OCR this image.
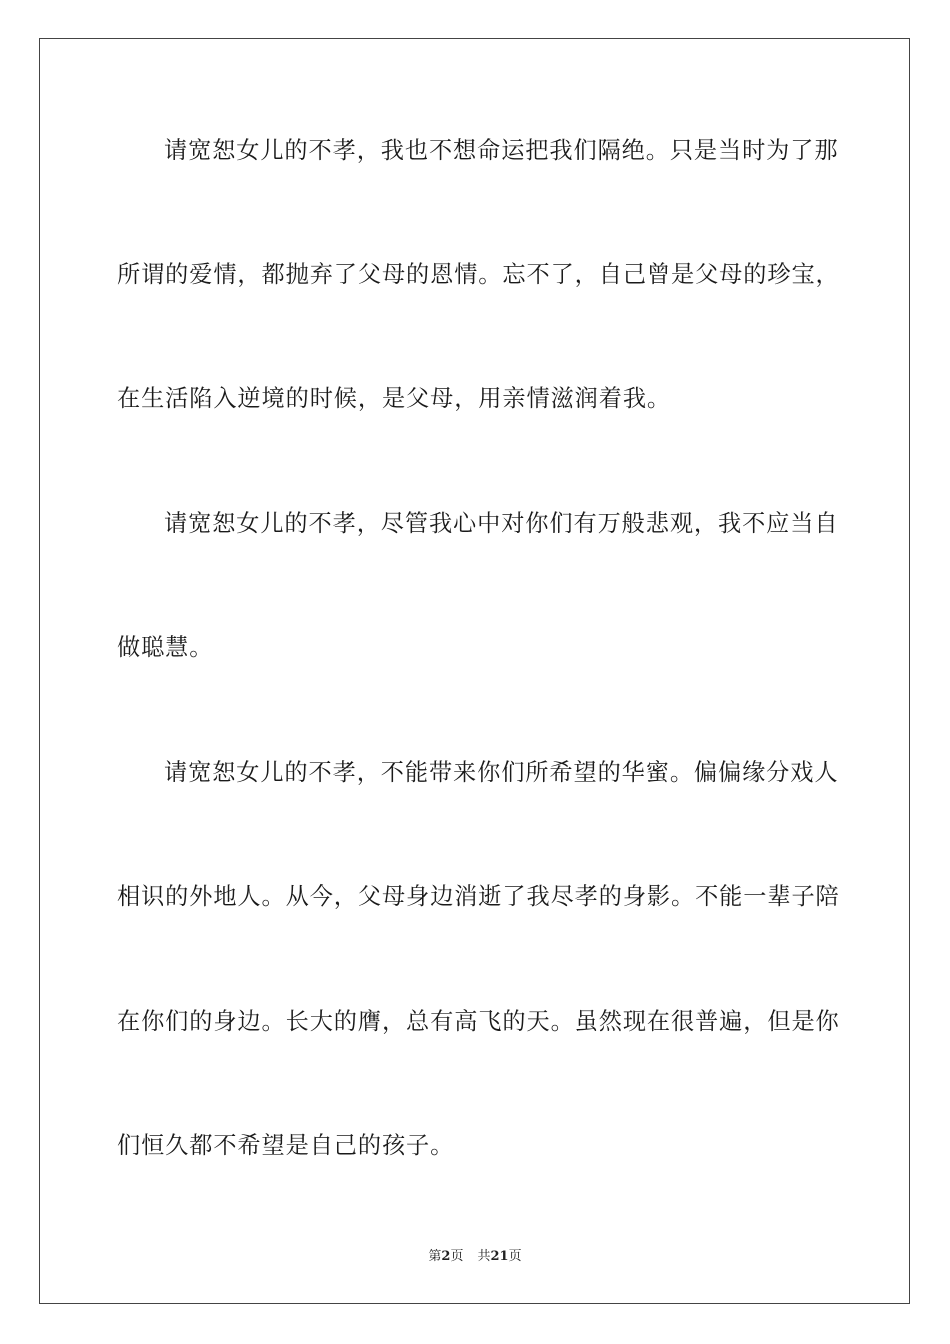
请宽恕女儿的不孝，我也不想命运把我们隔绝。只是当时为了那
所谓的爱情，都抛弃了父母的恩情。忘不了，自己曾是父母的珍宝，
在生活陷入逆境的时候，是父母，用亲情滋润着我。
请宽恕女儿的不孝，尽管我心中对你们有万般悲观，我不应当自
做聪慧。
请宽恕女儿的不孝，不能带来你们所希望的华蜜。偏偏缘分戏人
相识的外地人。从今，父母身边消逝了我尽孝的身影。不能一辈子陪
在你们的身边。长大的膺，总有高飞的天。虽然现在很普遍，但是你
们恒久都不希望是自己的孩子。
第2页 共21页
